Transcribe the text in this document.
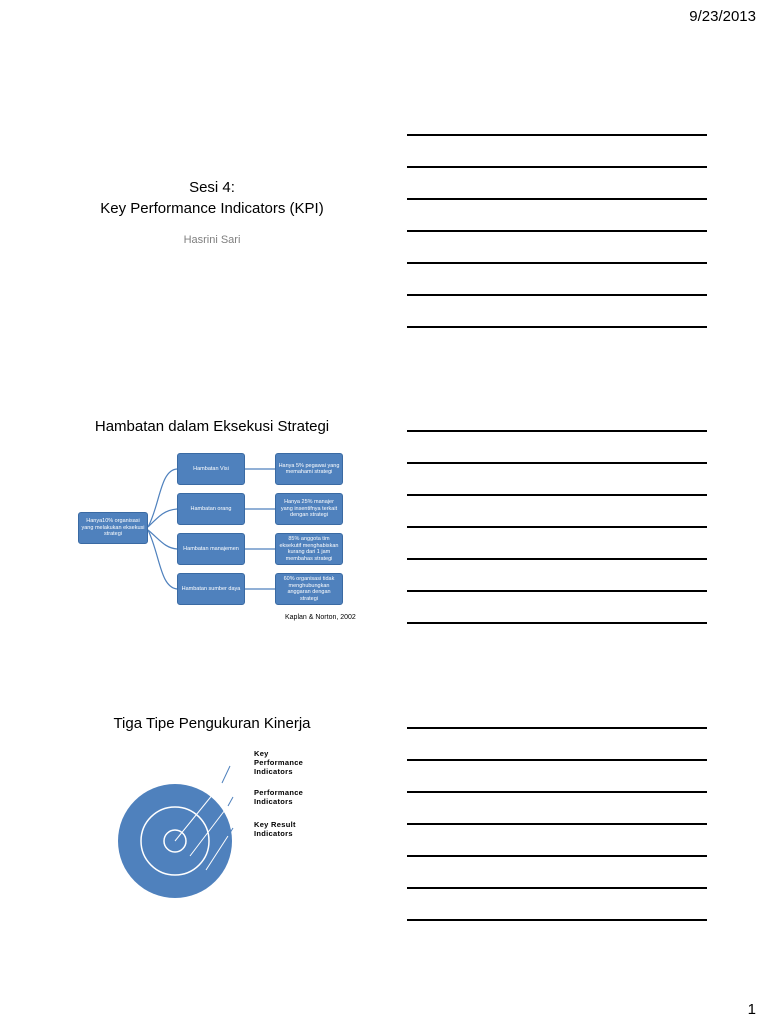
9/23/2013
1
Sesi 4:
Key Performance Indicators (KPI)
Hasrini Sari
Hambatan dalam Eksekusi Strategi
Hanya10% organisasi yang melakukan eksekusi strategi
Hambatan Visi
Hambatan orang
Hambatan manajemen
Hambatan sumber daya
Hanya 5% pegawai yang memahami strategi
Hanya 25% manajer yang insentifnya terkait dengan strategi
85% anggota tim eksekutif menghabiskan kurang dari 1 jam membahas strategi
60% organisasi tidak menghubungkan anggaran dengan strategi
Kaplan & Norton, 2002
Tiga Tipe Pengukuran Kinerja
Key Performance Indicators
Performance Indicators
Key Result Indicators
